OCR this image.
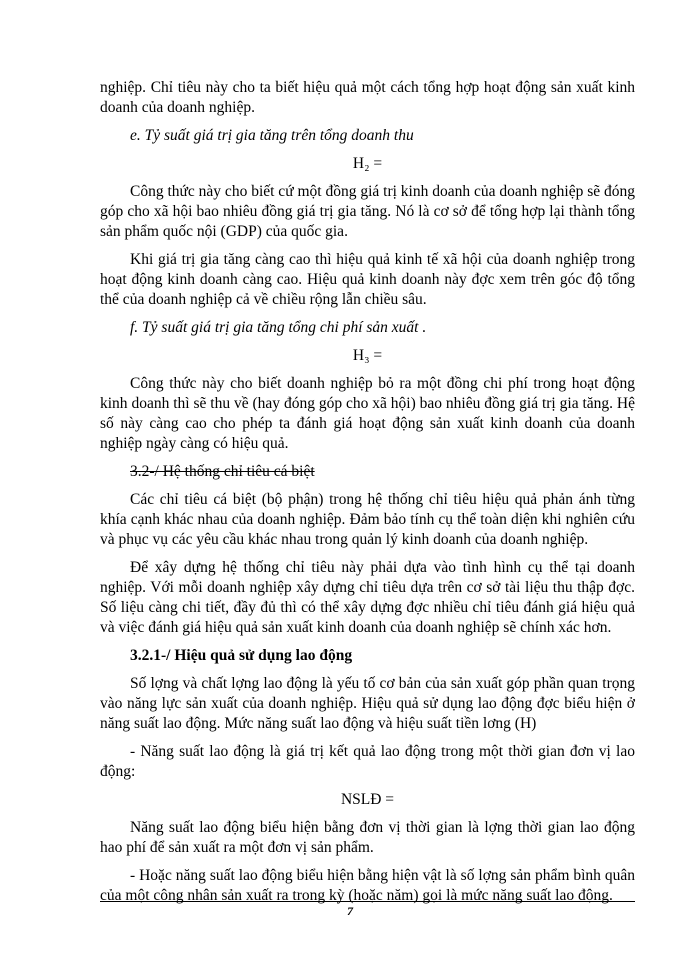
nghiệp. Chỉ tiêu này cho ta biết hiệu quả một cách tổng hợp hoạt động sản xuất kinh doanh của doanh nghiệp.

e. Tỷ suất giá trị gia tăng trên tổng doanh thu

H₂ =

Công thức này cho biết cứ một đồng giá trị kinh doanh của doanh nghiệp sẽ đóng góp cho xã hội bao nhiêu đồng giá trị gia tăng. Nó là cơ sở để tổng hợp lại thành tổng sản phẩm quốc nội (GDP) của quốc gia.

Khi giá trị gia tăng càng cao thì hiệu quả kinh tế xã hội của doanh nghiệp trong hoạt động kinh doanh càng cao. Hiệu quả kinh doanh này đợc xem trên góc độ tổng thể của doanh nghiệp cả về chiều rộng lẫn chiều sâu.

f. Tỷ suất giá trị gia tăng tổng chi phí sản xuất .

H₃ =

Công thức này cho biết doanh nghiệp bỏ ra một đồng chi phí trong hoạt động kinh doanh thì sẽ thu về (hay đóng góp cho xã hội) bao nhiêu đồng giá trị gia tăng. Hệ số này càng cao cho phép ta đánh giá hoạt động sản xuất kinh doanh của doanh nghiệp ngày càng có hiệu quả.

3.2-/ Hệ thống chỉ tiêu cá biệt

Các chỉ tiêu cá biệt (bộ phận) trong hệ thống chỉ tiêu hiệu quả phản ánh từng khía cạnh khác nhau của doanh nghiệp. Đảm bảo tính cụ thể toàn diện khi nghiên cứu và phục vụ các yêu cầu khác nhau trong quản lý kinh doanh của doanh nghiệp.

Để xây dựng hệ thống chỉ tiêu này phải dựa vào tình hình cụ thể tại doanh nghiệp. Với mỗi doanh nghiệp xây dựng chỉ tiêu dựa trên cơ sở tài liệu thu thập đợc. Số liệu càng chi tiết, đầy đủ thì có thể xây dựng đợc nhiều chỉ tiêu đánh giá hiệu quả và việc đánh giá hiệu quả sản xuất kinh doanh của doanh nghiệp sẽ chính xác hơn.

3.2.1-/ Hiệu quả sử dụng lao động

Số lợng và chất lợng lao động là yếu tố cơ bản của sản xuất góp phần quan trọng vào năng lực sản xuất của doanh nghiệp. Hiệu quả sử dụng lao động đợc biểu hiện ở năng suất lao động. Mức năng suất lao động và hiệu suất tiền lơng (H)

- Năng suất lao động là giá trị kết quả lao động trong một thời gian đơn vị lao động:

NSLĐ =

Năng suất lao động biểu hiện bằng đơn vị thời gian là lợng thời gian lao động hao phí để sản xuất ra một đơn vị sản phẩm.

- Hoặc năng suất lao động biểu hiện bằng hiện vật là số lợng sản phẩm bình quân của một công nhân sản xuất ra trong kỳ (hoặc năm) gọi là mức năng suất lao động.

7
